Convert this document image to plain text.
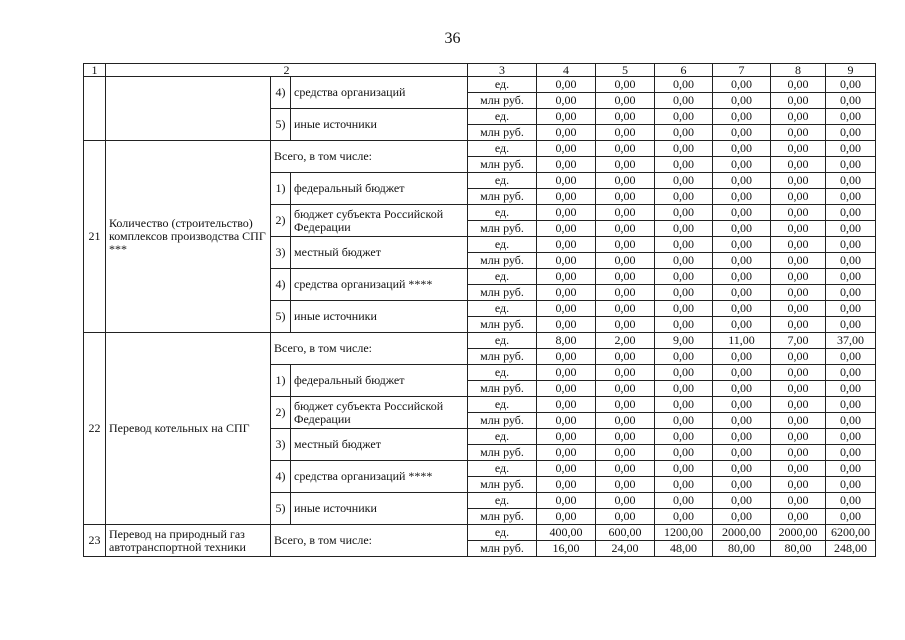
36
1	2			3	4	5	6	7	8	9
		4)	средства организаций	ед.	0,00	0,00	0,00	0,00	0,00	0,00
				млн руб.	0,00	0,00	0,00	0,00	0,00	0,00
		5)	иные источники	ед.	0,00	0,00	0,00	0,00	0,00	0,00
				млн руб.	0,00	0,00	0,00	0,00	0,00	0,00
21	Количество (строительство) комплексов производства СПГ ***	Всего, в том числе:		ед.	0,00	0,00	0,00	0,00	0,00	0,00
				млн руб.	0,00	0,00	0,00	0,00	0,00	0,00
		1)	федеральный бюджет	ед.	0,00	0,00	0,00	0,00	0,00	0,00
				млн руб.	0,00	0,00	0,00	0,00	0,00	0,00
		2)	бюджет субъекта Российской Федерации	ед.	0,00	0,00	0,00	0,00	0,00	0,00
				млн руб.	0,00	0,00	0,00	0,00	0,00	0,00
		3)	местный бюджет	ед.	0,00	0,00	0,00	0,00	0,00	0,00
				млн руб.	0,00	0,00	0,00	0,00	0,00	0,00
		4)	средства организаций ****	ед.	0,00	0,00	0,00	0,00	0,00	0,00
				млн руб.	0,00	0,00	0,00	0,00	0,00	0,00
		5)	иные источники	ед.	0,00	0,00	0,00	0,00	0,00	0,00
				млн руб.	0,00	0,00	0,00	0,00	0,00	0,00
22	Перевод котельных на СПГ	Всего, в том числе:		ед.	8,00	2,00	9,00	11,00	7,00	37,00
				млн руб.	0,00	0,00	0,00	0,00	0,00	0,00
		1)	федеральный бюджет	ед.	0,00	0,00	0,00	0,00	0,00	0,00
				млн руб.	0,00	0,00	0,00	0,00	0,00	0,00
		2)	бюджет субъекта Российской Федерации	ед.	0,00	0,00	0,00	0,00	0,00	0,00
				млн руб.	0,00	0,00	0,00	0,00	0,00	0,00
		3)	местный бюджет	ед.	0,00	0,00	0,00	0,00	0,00	0,00
				млн руб.	0,00	0,00	0,00	0,00	0,00	0,00
		4)	средства организаций ****	ед.	0,00	0,00	0,00	0,00	0,00	0,00
				млн руб.	0,00	0,00	0,00	0,00	0,00	0,00
		5)	иные источники	ед.	0,00	0,00	0,00	0,00	0,00	0,00
				млн руб.	0,00	0,00	0,00	0,00	0,00	0,00
23	Перевод на природный газ автотранспортной техники	Всего, в том числе:		ед.	400,00	600,00	1200,00	2000,00	2000,00	6200,00
				млн руб.	16,00	24,00	48,00	80,00	80,00	248,00
